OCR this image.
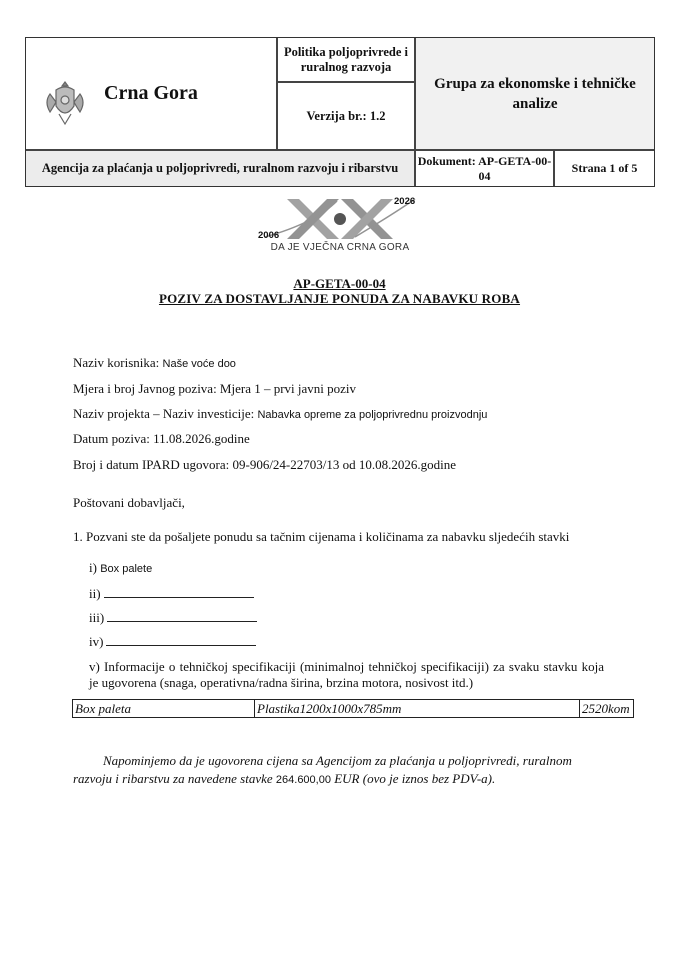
Crna Gora
Politika poljoprivrede i ruralnog razvoja
Verzija br.: 1.2
Grupa za ekonomske i tehničke analize
Agencija za plaćanja u poljoprivredi, ruralnom razvoju i ribarstvu
Dokument: AP-GETA-00-04
Strana 1 of 5
2006
2026
DA JE VJEČNA CRNA GORA
AP-GETA-00-04
POZIV ZA DOSTAVLJANJE PONUDA ZA NABAVKU ROBA
Naziv korisnika: Naše voće doo
Mjera i broj Javnog poziva: Mjera 1 – prvi javni poziv
Naziv projekta – Naziv investicije: Nabavka opreme za poljoprivrednu proizvodnju
Datum poziva: 11.08.2026.godine
Broj i datum IPARD ugovora: 09-906/24-22703/13 od 10.08.2026.godine
Poštovani dobavljači,
1. Pozvani ste da pošaljete ponudu sa tačnim cijenama i količinama za nabavku sljedećih stavki
i) Box palete
ii)
iii)
iv)
v) Informacije o tehničkoj specifikaciji (minimalnoj tehničkoj specifikaciji) za svaku stavku koja je ugovorena (snaga, operativna/radna širina, brzina motora, nosivost itd.)
Box paleta	Plastika1200x1000x785mm	2520kom
Napominjemo da je ugovorena cijena sa Agencijom za plaćanja u poljoprivredi, ruralnom razvoju i ribarstvu za navedene stavke 264.600,00 EUR (ovo je iznos bez PDV-a).
